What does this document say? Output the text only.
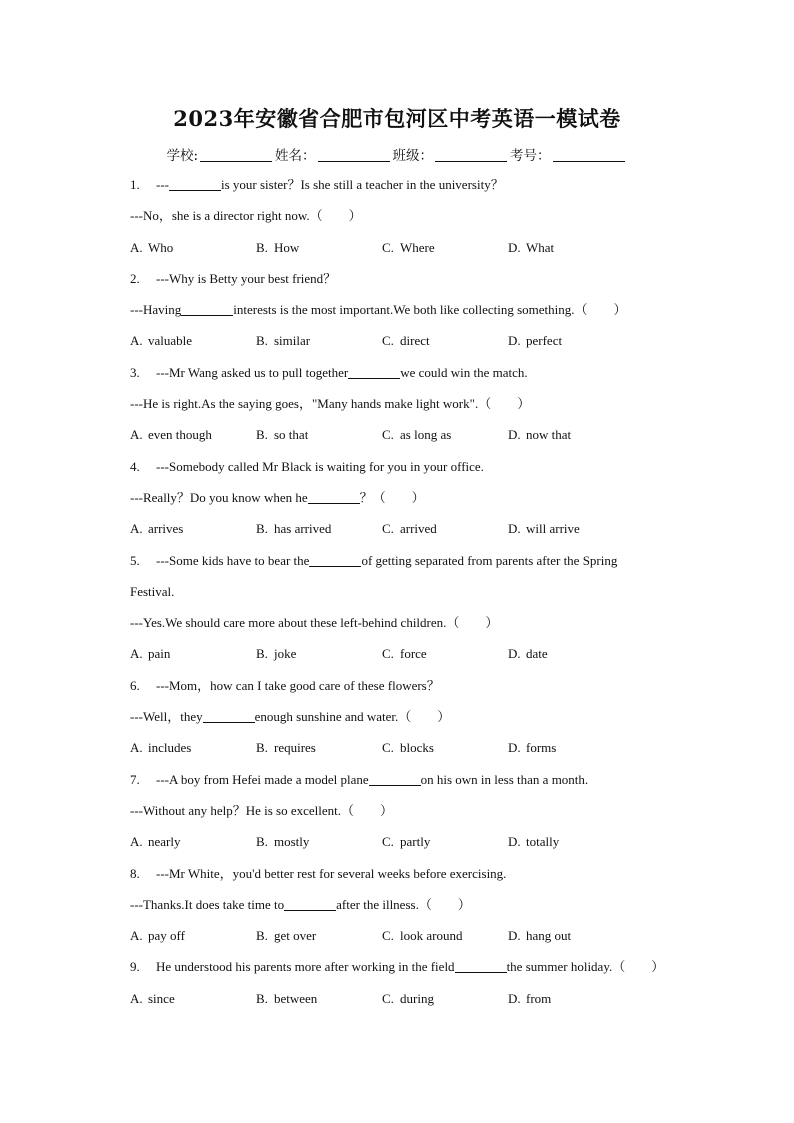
2023年安徽省合肥市包河区中考英语一模试卷
学校:	姓名：	班级：	考号：
1. ---	is your sister？Is she still a teacher in the university？
---No，she is a director right now.（　　）
A. Who	B. How	C. Where	D. What
2. ---Why is Betty your best friend？
---Having	interests is the most important.We both like collecting something.（　　）
A. valuable	B. similar	C. direct	D. perfect
3. ---Mr Wang asked us to pull together	we could win the match.
---He is right.As the saying goes，"Many hands make light work".（　　）
A. even though	B. so that	C. as long as	D. now that
4. ---Somebody called Mr Black is waiting for you in your office.
---Really？Do you know when he	？（　　）
A. arrives	B. has arrived	C. arrived	D. will arrive
5. ---Some kids have to bear the	of getting separated from parents after the Spring
Festival.
---Yes.We should care more about these left-behind children.（　　）
A. pain	B. joke	C. force	D. date
6. ---Mom，how can I take good care of these flowers？
---Well，they	enough sunshine and water.（　　）
A. includes	B. requires	C. blocks	D. forms
7. ---A boy from Hefei made a model plane	on his own in less than a month.
---Without any help？He is so excellent.（　　）
A. nearly	B. mostly	C. partly	D. totally
8. ---Mr White，you'd better rest for several weeks before exercising.
---Thanks.It does take time to	after the illness.（　　）
A. pay off	B. get over	C. look around	D. hang out
9. He understood his parents more after working in the field	the summer holiday.（　　）
A. since	B. between	C. during	D. from
